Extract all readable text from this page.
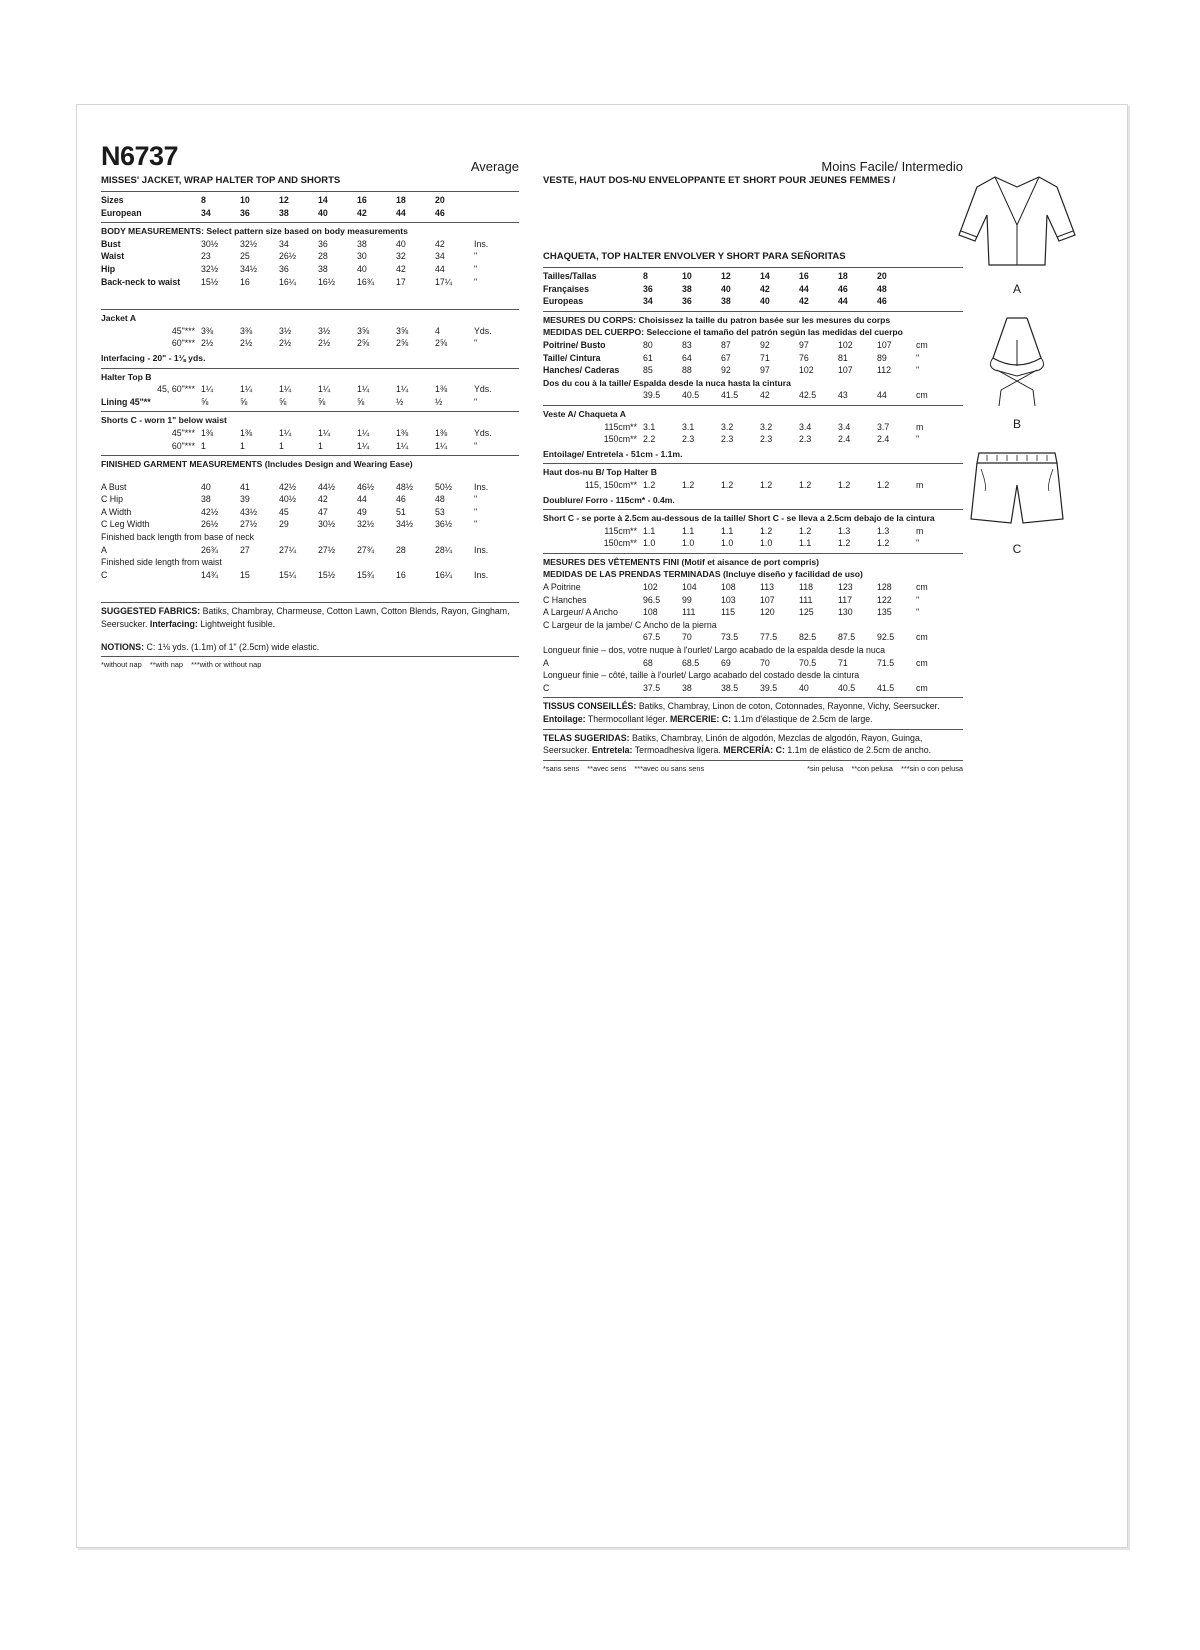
N6737	Average
MISSES' JACKET, WRAP HALTER TOP AND SHORTS
Sizes	8	10	12	14	16	18	20
European	34	36	38	40	42	44	46
BODY MEASUREMENTS: Select pattern size based on body measurements
Bust	30½	32½	34	36	38	40	42	Ins.
Waist	23	25	26½	28	30	32	34	"
Hip	32½	34½	36	38	40	42	44	"
Back-neck to waist	15½	16	16¼	16½	16¾	17	17¼	"
Jacket A
45"*** 3⅜	3⅜	3½	3½	3⅝	3⅝	4	Yds.
60"*** 2½	2½	2½	2½	2⅝	2⅝	2⅝	"
Interfacing - 20" - 1⅛ yds.
Halter Top B
45, 60"*** 1¼	1¼	1¼	1¼	1¼	1¼	1⅜	Yds.
Lining 45"**	⅝	⅝	⅝	⅝	⅝	½	½	"
Shorts C - worn 1" below waist
45"*** 1⅜	1⅜	1¼	1¼	1¼	1⅜	1⅜	Yds.
60"*** 1	1	1	1	1¼	1¼	1¼	"
FINISHED GARMENT MEASUREMENTS (Includes Design and Wearing Ease)
A Bust	40	41	42½	44½	46½	48½	50½	Ins.
C Hip	38	39	40½	42	44	46	48	"
A Width	42½	43½	45	47	49	51	53	"
C Leg Width	26½	27½	29	30½	32½	34½	36½	"
Finished back length from base of neck
A	26¾	27	27¼	27½	27¾	28	28¼	Ins.
Finished side length from waist
C	14¾	15	15¼	15½	15¾	16	16¼	Ins.
SUGGESTED FABRICS: Batiks, Chambray, Charmeuse, Cotton Lawn, Cotton Blends, Rayon, Gingham, Seersucker. Interfacing: Lightweight fusible.
NOTIONS: C: 1⅛ yds. (1.1m) of 1" (2.5cm) wide elastic.
*without nap **with nap ***with or without nap
Moins Facile/ Intermedio
VESTE, HAUT DOS-NU ENVELOPPANTE ET SHORT POUR JEUNES FEMMES /
CHAQUETA, TOP HALTER ENVOLVER Y SHORT PARA SEÑORITAS
Tailles/Tallas	8	10	12	14	16	18	20
Françaises	36	38	40	42	44	46	48
Europeas	34	36	38	40	42	44	46
MESURES DU CORPS: Choisissez la taille du patron basée sur les mesures du corps
MEDIDAS DEL CUERPO: Seleccione el tamaño del patrón según las medidas del cuerpo
Poitrine/ Busto	80	83	87	92	97	102	107	cm
Taille/ Cintura	61	64	67	71	76	81	89	"
Hanches/ Caderas	85	88	92	97	102	107	112	"
Dos du cou à la taille/ Espalda desde la nuca hasta la cintura
39.5	40.5	41.5	42	42.5	43	44	cm
Veste A/ Chaqueta A
115cm** 3.1	3.1	3.2	3.2	3.4	3.4	3.7	m
150cm** 2.2	2.3	2.3	2.3	2.3	2.4	2.4	"
Entoilage/ Entretela - 51cm - 1.1m.
Haut dos-nu B/ Top Halter B
115, 150cm** 1.2	1.2	1.2	1.2	1.2	1.2	1.2	m
Doublure/ Forro - 115cm* - 0.4m.
Short C - se porte à 2.5cm au-dessous de la taille/ Short C - se lleva a 2.5cm debajo de la cintura
115cm** 1.1	1.1	1.1	1.2	1.2	1.3	1.3	m
150cm** 1.0	1.0	1.0	1.0	1.1	1.2	1.2	"
MESURES DES VÊTEMENTS FINI (Motif et aisance de port compris)
MEDIDAS DE LAS PRENDAS TERMINADAS (Incluye diseño y facilidad de uso)
A Poitrine	102	104	108	113	118	123	128	cm
C Hanches	96.5	99	103	107	111	117	122	"
A Largeur/ A Ancho	108	111	115	120	125	130	135	"
C Largeur de la jambe/ C Ancho de la pierna
67.5	70	73.5	77.5	82.5	87.5	92.5	cm
Longueur finie – dos, votre nuque à l'ourlet/ Largo acabado de la espalda desde la nuca
A	68	68.5	69	70	70.5	71	71.5	cm
Longueur finie – côté, taille à l'ourlet/ Largo acabado del costado desde la cintura
C	37.5	38	38.5	39.5	40	40.5	41.5	cm
TISSUS CONSEILLÉS: Batiks, Chambray, Linon de coton, Cotonnades, Rayonne, Vichy, Seersucker.
Entoilage: Thermocollant léger. MERCERIE: C: 1.1m d'élastique de 2.5cm de large.
TELAS SUGERIDAS: Batiks, Chambray, Linón de algodón, Mezclas de algodón, Rayon, Guinga, Seersucker. Entretela: Termoadhesiva ligera. MERCERÍA: C: 1.1m de elástico de 2.5cm de ancho.
*sans sens **avec sens ***avec ou sans sens	*sin pelusa **con pelusa ***sin o con pelusa
A
B
C
